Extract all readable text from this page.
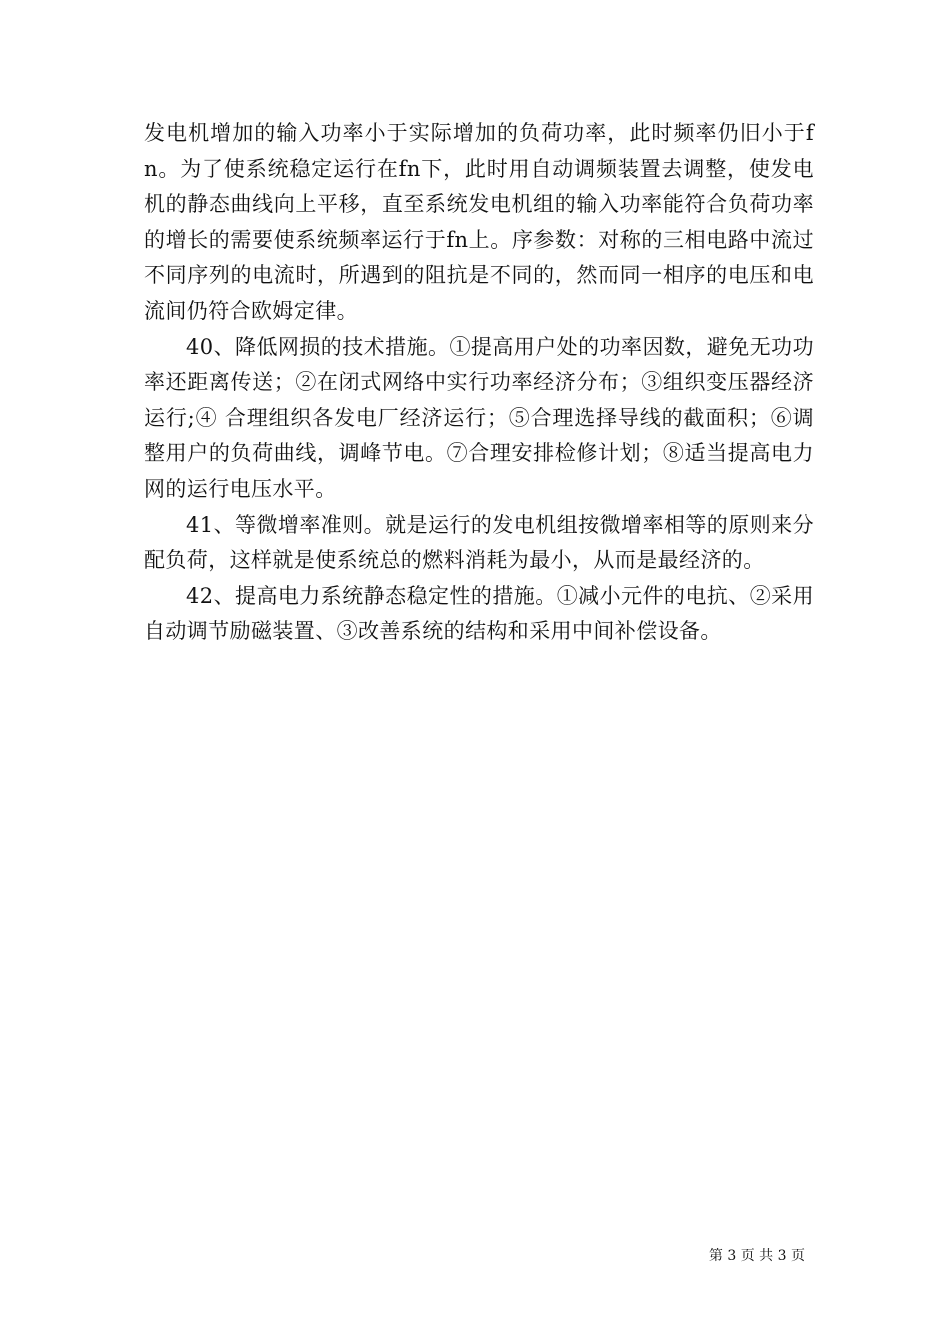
发电机增加的输入功率小于实际增加的负荷功率，此时频率仍旧小于fn。为了使系统稳定运行在fn下，此时用自动调频装置去调整，使发电机的静态曲线向上平移，直至系统发电机组的输入功率能符合负荷功率的增长的需要使系统频率运行于fn上。序参数：对称的三相电路中流过不同序列的电流时，所遇到的阻抗是不同的，然而同一相序的电压和电流间仍符合欧姆定律。

40、降低网损的技术措施。①提高用户处的功率因数，避免无功功率还距离传送；②在闭式网络中实行功率经济分布；③组织变压器经济运行;④ 合理组织各发电厂经济运行；⑤合理选择导线的截面积；⑥调整用户的负荷曲线，调峰节电。⑦合理安排检修计划；⑧适当提高电力网的运行电压水平。

41、等微增率准则。就是运行的发电机组按微增率相等的原则来分配负荷，这样就是使系统总的燃料消耗为最小，从而是最经济的。

42、提高电力系统静态稳定性的措施。①减小元件的电抗、②采用自动调节励磁装置、③改善系统的结构和采用中间补偿设备。

第 3 页 共 3 页
